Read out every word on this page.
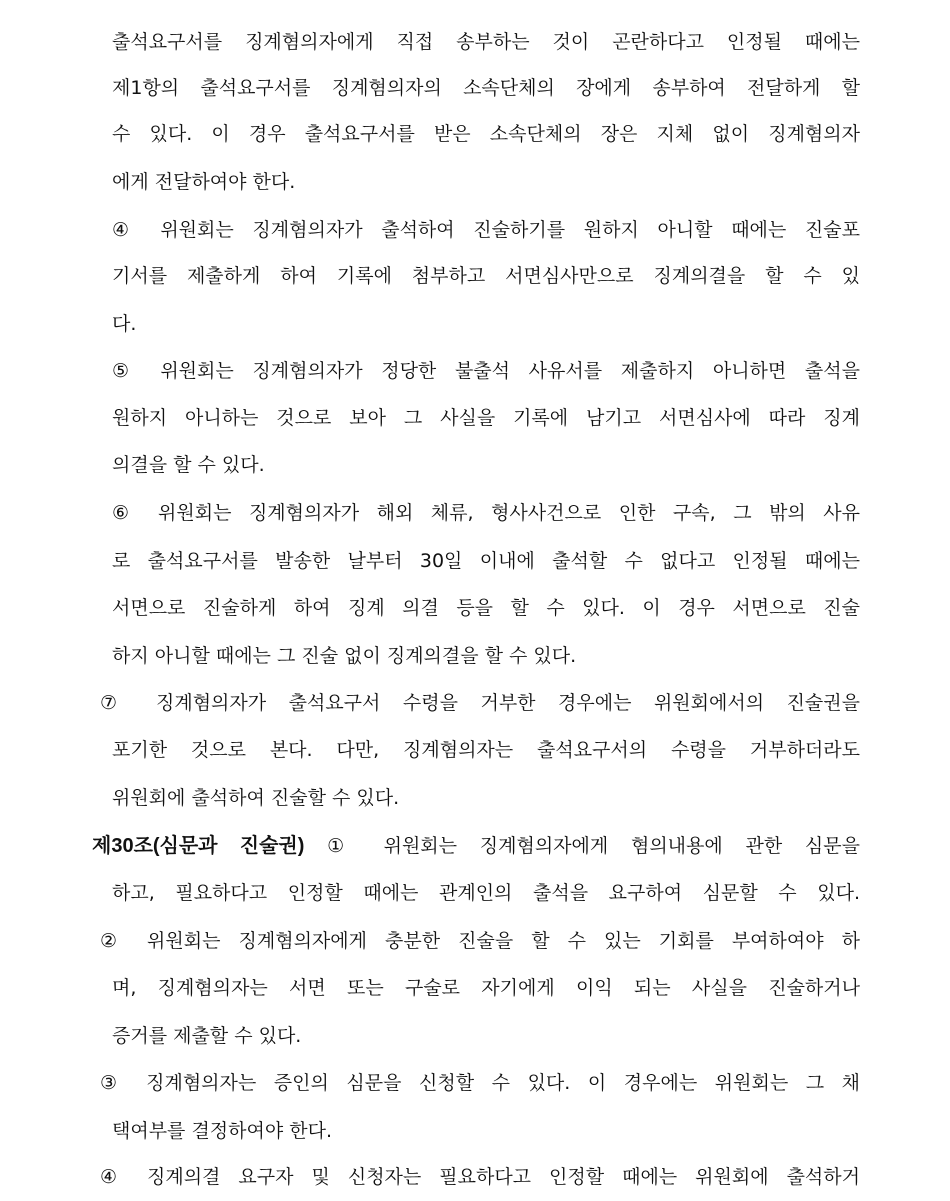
출석요구서를 징계혐의자에게 직접 송부하는 것이 곤란하다고 인정될 때에는
제1항의 출석요구서를 징계혐의자의 소속단체의 장에게 송부하여 전달하게 할
수 있다. 이 경우 출석요구서를 받은 소속단체의 장은 지체 없이 징계혐의자
에게 전달하여야 한다.
④ 위원회는 징계혐의자가 출석하여 진술하기를 원하지 아니할 때에는 진술포
기서를 제출하게 하여 기록에 첨부하고 서면심사만으로 징계의결을 할 수 있
다.
⑤ 위원회는 징계혐의자가 정당한 불출석 사유서를 제출하지 아니하면 출석을
원하지 아니하는 것으로 보아 그 사실을 기록에 남기고 서면심사에 따라 징계
의결을 할 수 있다.
⑥ 위원회는 징계혐의자가 해외 체류, 형사사건으로 인한 구속, 그 밖의 사유
로 출석요구서를 발송한 날부터 30일 이내에 출석할 수 없다고 인정될 때에는
서면으로 진술하게 하여 징계 의결 등을 할 수 있다. 이 경우 서면으로 진술
하지 아니할 때에는 그 진술 없이 징계의결을 할 수 있다.
⑦ 징계혐의자가 출석요구서 수령을 거부한 경우에는 위원회에서의 진술권을
포기한 것으로 본다. 다만, 징계혐의자는 출석요구서의 수령을 거부하더라도
위원회에 출석하여 진술할 수 있다.
제30조(심문과 진술권) ① 위원회는 징계혐의자에게 혐의내용에 관한 심문을
하고, 필요하다고 인정할 때에는 관계인의 출석을 요구하여 심문할 수 있다.
② 위원회는 징계혐의자에게 충분한 진술을 할 수 있는 기회를 부여하여야 하
며, 징계혐의자는 서면 또는 구술로 자기에게 이익 되는 사실을 진술하거나
증거를 제출할 수 있다.
③ 징계혐의자는 증인의 심문을 신청할 수 있다. 이 경우에는 위원회는 그 채
택여부를 결정하여야 한다.
④ 징계의결 요구자 및 신청자는 필요하다고 인정할 때에는 위원회에 출석하거
